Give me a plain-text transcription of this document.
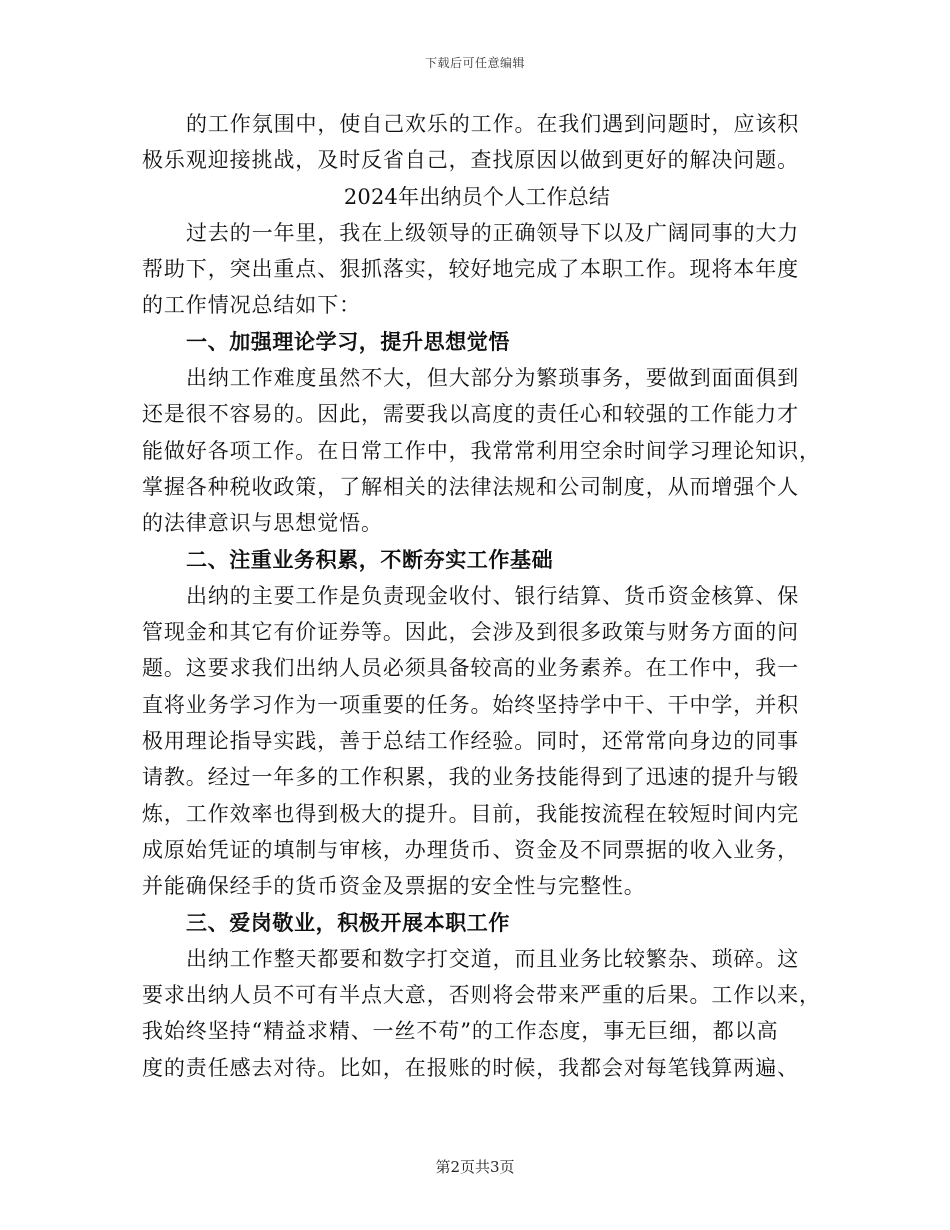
下载后可任意编辑
的工作氛围中，使自己欢乐的工作。在我们遇到问题时，应该积
极乐观迎接挑战，及时反省自己，查找原因以做到更好的解决问题。
2024年出纳员个人工作总结
过去的一年里，我在上级领导的正确领导下以及广阔同事的大力
帮助下，突出重点、狠抓落实，较好地完成了本职工作。现将本年度
的工作情况总结如下：
一、加强理论学习，提升思想觉悟
出纳工作难度虽然不大，但大部分为繁琐事务，要做到面面俱到
还是很不容易的。因此，需要我以高度的责任心和较强的工作能力才
能做好各项工作。在日常工作中，我常常利用空余时间学习理论知识，
掌握各种税收政策，了解相关的法律法规和公司制度，从而增强个人
的法律意识与思想觉悟。
二、注重业务积累，不断夯实工作基础
出纳的主要工作是负责现金收付、银行结算、货币资金核算、保
管现金和其它有价证券等。因此，会涉及到很多政策与财务方面的问
题。这要求我们出纳人员必须具备较高的业务素养。在工作中，我一
直将业务学习作为一项重要的任务。始终坚持学中干、干中学，并积
极用理论指导实践，善于总结工作经验。同时，还常常向身边的同事
请教。经过一年多的工作积累，我的业务技能得到了迅速的提升与锻
炼，工作效率也得到极大的提升。目前，我能按流程在较短时间内完
成原始凭证的填制与审核，办理货币、资金及不同票据的收入业务，
并能确保经手的货币资金及票据的安全性与完整性。
三、爱岗敬业，积极开展本职工作
出纳工作整天都要和数字打交道，而且业务比较繁杂、琐碎。这
要求出纳人员不可有半点大意，否则将会带来严重的后果。工作以来，
我始终坚持“精益求精、一丝不苟”的工作态度，事无巨细，都以高
度的责任感去对待。比如，在报账的时候，我都会对每笔钱算两遍、
第2页共3页
